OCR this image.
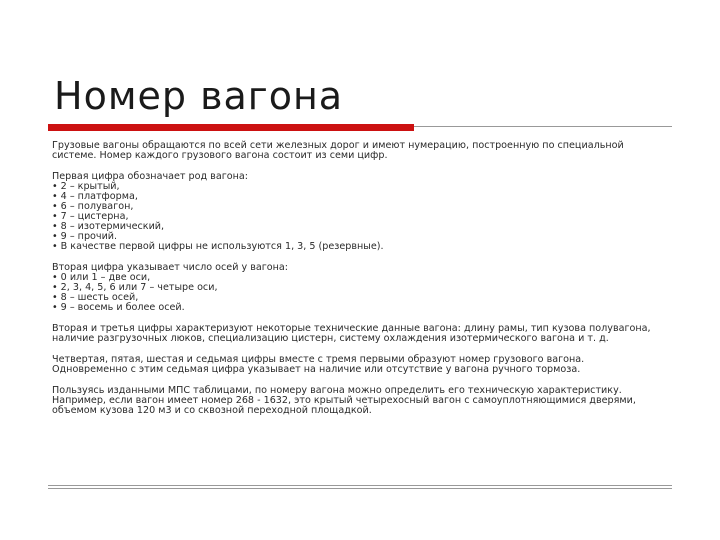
Номер вагона

Грузовые вагоны обращаются по всей сети железных дорог и имеют нумерацию, построенную по специальной

системе. Номер каждого грузового вагона состоит из семи цифр.

Первая цифра обозначает род вагона:

• 2 – крытый,
• 4 – платформа,
• 6 – полувагон,
• 7 – цистерна,
• 8 – изотермический,
• 9 – прочий.
• В качестве первой цифры не используются 1, 3, 5 (резервные).

Вторая цифра указывает число осей у вагона:

• 0 или 1 – две оси,
• 2, 3, 4, 5, 6 или 7 – четыре оси,
• 8 – шесть осей,
• 9 – восемь и более осей.

Вторая и третья цифры характеризуют некоторые технические данные вагона: длину рамы, тип кузова полувагона,

наличие разгрузочных люков, специализацию цистерн, систему охлаждения изотермического вагона и т. д.

Четвертая, пятая, шестая и седьмая цифры вместе с тремя первыми образуют номер грузового вагона.

Одновременно с этим седьмая цифра указывает на наличие или отсутствие у вагона ручного тормоза.

Пользуясь изданными МПС таблицами, по номеру вагона можно определить его техническую характеристику.

Например, если вагон имеет номер 268 - 1632, это крытый четырехосный вагон с самоуплотняющимися дверями,

объемом кузова 120 м3 и со сквозной переходной площадкой.
